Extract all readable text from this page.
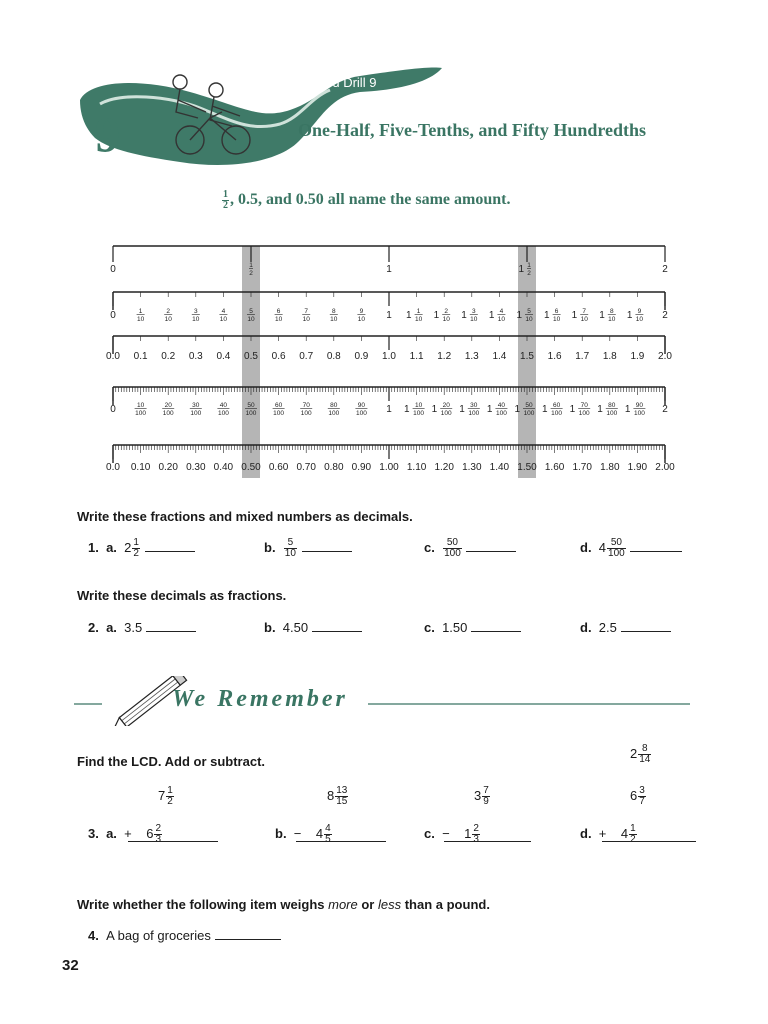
Speed Drill 9
9	One-Half, Five-Tenths, and Fifty Hundredths
$\frac{1}{2}$ , 0.5, and 0.50 all name the same amount.
0	1
2	1	1 1
2	2
0	1
10
2
10
3
10
4
10
5
10
6
10
7
10
8
10
9
10 1 1 1
10 1 2
10 1 3
10 1 4
10 1 5
10 1 6
10 1 7
10 1 8
10 1 9
10 2
0.0 0.1 0.2 0.3 0.4 0.5 0.6 0.7 0.8 0.9 1.0 1.1 1.2 1.3 1.4 1.5 1.6 1.7 1.8 1.9 2.0
0	10
100
20
100
30
100
40
100
50
100
60
100
70
100
80
100
90
100 1 1 10
100 1 20
100 1 30
100 1 40
100 1 50
100 1 60
100 1 70
100 1 80
100 1 90
100 2
0.0 0.10 0.20 0.30 0.40 0.50 0.60 0.70 0.80 0.90 1.00 1.10 1.20 1.30 1.40 1.50 1.60 1.70 1.80 1.90 2.00
Write these fractions and mixed numbers as decimals.
1. a. $2 \frac{1}{2}$
	b. $\frac{5}{10}$
	c. $\frac{50}{100}$
	d. $4 \frac{50}{100}$

Write these decimals as fractions.
2. a. 3.5	b. 4.50	c. 1.50	d. 2.5
We Remember
Find the LCD. Add or subtract.
$2 \frac{8}{14}$
$7 \frac{1}{2}$	$8 \frac{13}{15}$	$3 \frac{7}{9}$	$6 \frac{3}{7}$
3. a. + $6 \frac{2}{3}$	b. − $4 \frac{4}{5}$	c. − $1 \frac{2}{3}$	d. + $4 \frac{1}{2}$
Write whether the following item weighs more or less than a pound.
4. A bag of groceries
32
